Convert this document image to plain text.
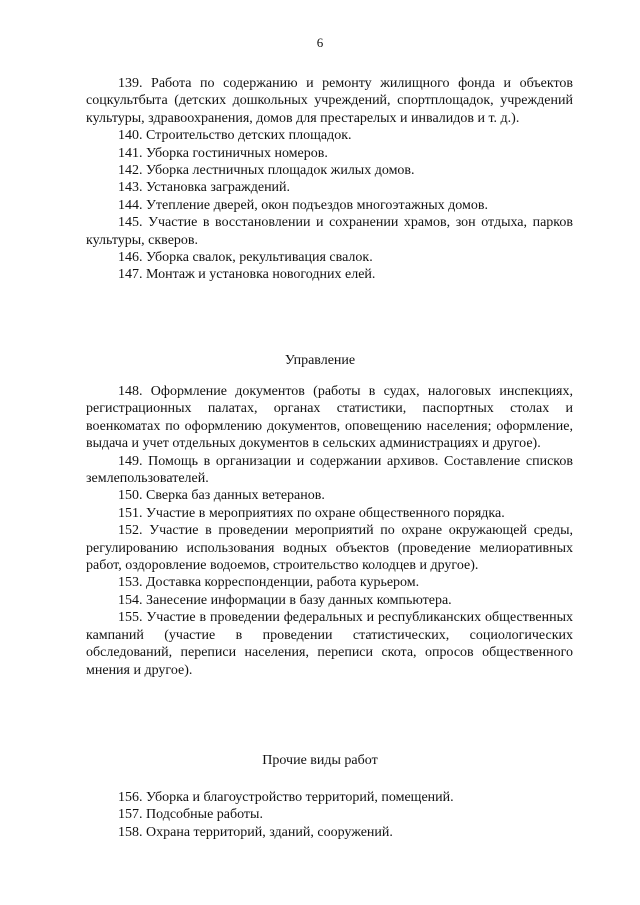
6

139. Работа по содержанию и ремонту жилищного фонда и объектов соцкультбыта (детских дошкольных учреждений, спортплощадок, учреждений культуры, здравоохранения, домов для престарелых и инвалидов и т. д.).

140. Строительство детских площадок.

141. Уборка гостиничных номеров.

142. Уборка лестничных площадок жилых домов.

143. Установка заграждений.

144. Утепление дверей, окон подъездов многоэтажных домов.

145. Участие в восстановлении и сохранении храмов, зон отдыха, парков культуры, скверов.

146. Уборка свалок, рекультивация свалок.

147. Монтаж и установка новогодних елей.

Управление

148. Оформление документов (работы в судах, налоговых инспекциях, регистрационных палатах, органах статистики, паспортных столах и военкоматах по оформлению документов, оповещению населения; оформление, выдача и учет отдельных документов в сельских администрациях и другое).

149. Помощь в организации и содержании архивов. Составление списков землепользователей.

150. Сверка баз данных ветеранов.

151. Участие в мероприятиях по охране общественного порядка.

152. Участие в проведении мероприятий по охране окружающей среды, регулированию использования водных объектов (проведение мелиоративных работ, оздоровление водоемов, строительство колодцев и другое).

153. Доставка корреспонденции, работа курьером.

154. Занесение информации в базу данных компьютера.

155. Участие в проведении федеральных и республиканских общественных кампаний (участие в проведении статистических, социологических обследований, переписи населения, переписи скота, опросов общественного мнения и другое).

Прочие виды работ

156. Уборка и благоустройство территорий, помещений.

157. Подсобные работы.

158. Охрана территорий, зданий, сооружений.
